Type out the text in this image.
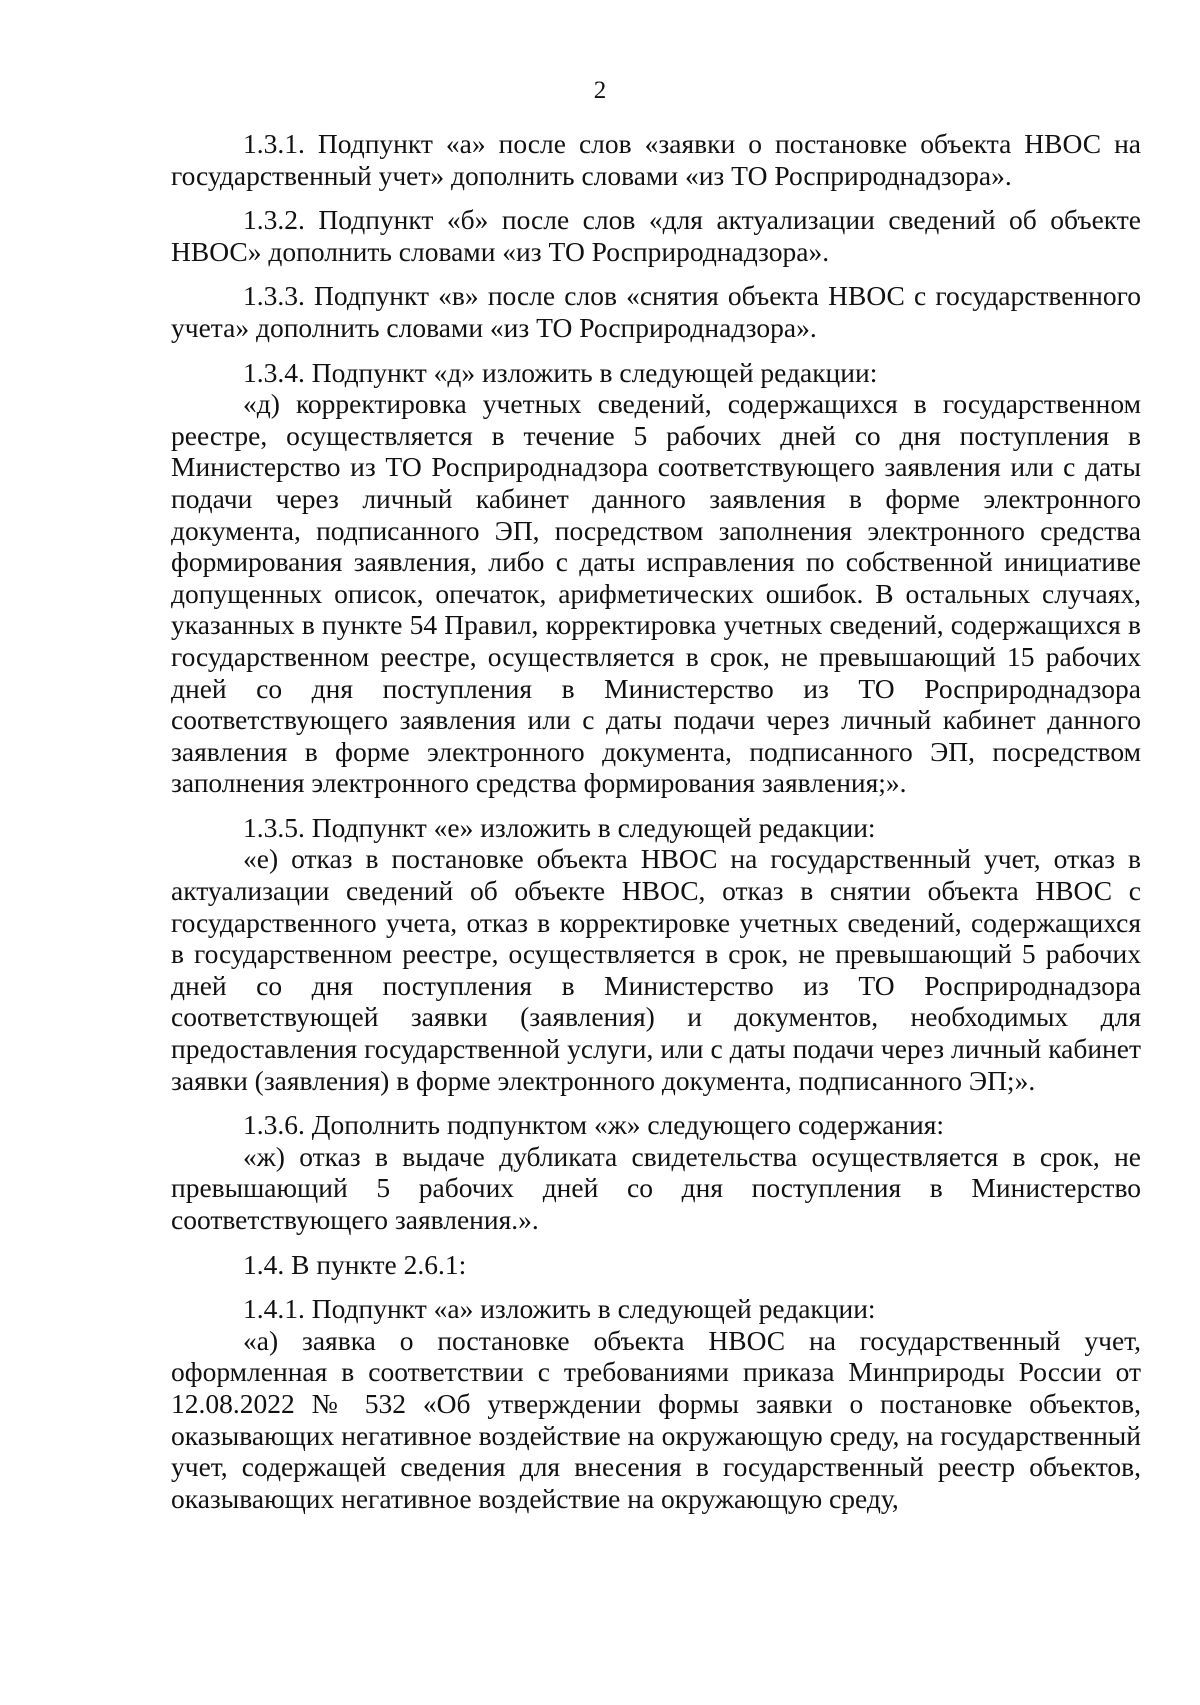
2

1.3.1. Подпункт «а» после слов «заявки о постановке объекта НВОС на государственный учет» дополнить словами «из ТО Росприроднадзора».

1.3.2. Подпункт «б» после слов «для актуализации сведений об объекте НВОС» дополнить словами «из ТО Росприроднадзора».

1.3.3. Подпункт «в» после слов «снятия объекта НВОС с государственного учета» дополнить словами «из ТО Росприроднадзора».

1.3.4. Подпункт «д» изложить в следующей редакции:

«д) корректировка учетных сведений, содержащихся в государственном реестре, осуществляется в течение 5 рабочих дней со дня поступления в Министерство из ТО Росприроднадзора соответствующего заявления или с даты подачи через личный кабинет данного заявления в форме электронного документа, подписанного ЭП, посредством заполнения электронного средства формирования заявления, либо с даты исправления по собственной инициативе допущенных описок, опечаток, арифметических ошибок. В остальных случаях, указанных в пункте 54 Правил, корректировка учетных сведений, содержащихся в государственном реестре, осуществляется в срок, не превышающий 15 рабочих дней со дня поступления в Министерство из ТО Росприроднадзора соответствующего заявления или с даты подачи через личный кабинет данного заявления в форме электронного документа, подписанного ЭП, посредством заполнения электронного средства формирования заявления;».

1.3.5. Подпункт «е» изложить в следующей редакции:

«е) отказ в постановке объекта НВОС на государственный учет, отказ в актуализации сведений об объекте НВОС, отказ в снятии объекта НВОС с государственного учета, отказ в корректировке учетных сведений, содержащихся в государственном реестре, осуществляется в срок, не превышающий 5 рабочих дней со дня поступления в Министерство из ТО Росприроднадзора соответствующей заявки (заявления) и документов, необходимых для предоставления государственной услуги, или с даты подачи через личный кабинет заявки (заявления) в форме электронного документа, подписанного ЭП;».

1.3.6. Дополнить подпунктом «ж» следующего содержания:

«ж) отказ в выдаче дубликата свидетельства осуществляется в срок, не превышающий 5 рабочих дней со дня поступления в Министерство соответствующего заявления.».

1.4. В пункте 2.6.1:

1.4.1. Подпункт «а» изложить в следующей редакции:

«а) заявка о постановке объекта НВОС на государственный учет, оформленная в соответствии с требованиями приказа Минприроды России от 12.08.2022 № 532 «Об утверждении формы заявки о постановке объектов, оказывающих негативное воздействие на окружающую среду, на государственный учет, содержащей сведения для внесения в государственный реестр объектов, оказывающих негативное воздействие на окружающую среду,
